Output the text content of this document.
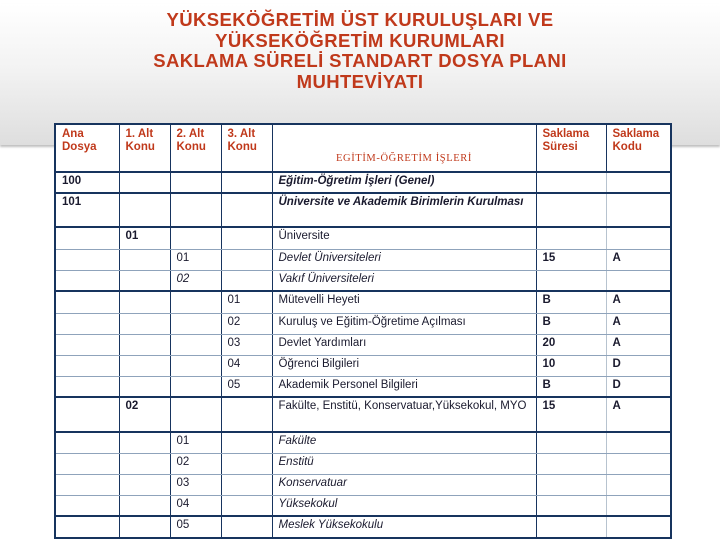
YÜKSEKÖĞRETİM ÜST KURULUŞLARI VE
YÜKSEKÖĞRETİM KURUMLARI
SAKLAMA SÜRELİ STANDART DOSYA PLANI
MUHTEVİYATI
Ana Dosya	1. Alt Konu	2. Alt Konu	3. Alt Konu	EGİTİM-ÖĞRETİM İŞLERİ	Saklama Süresi	Saklama Kodu
100				Eğitim-Öğretim İşleri (Genel)		
101				Üniversite ve Akademik Birimlerin Kurulması		
	01			Üniversite		
		01		Devlet Üniversiteleri	15	A
		02		Vakıf Üniversiteleri		
			01	Mütevelli Heyeti	B	A
			02	Kuruluş ve Eğitim-Öğretime Açılması	B	A
			03	Devlet Yardımları	20	A
			04	Öğrenci Bilgileri	10	D
			05	Akademik Personel Bilgileri	B	D
	02			Fakülte, Enstitü, Konservatuar,Yüksekokul, MYO	15	A
		01		Fakülte		
		02		Enstitü		
		03		Konservatuar		
		04		Yüksekokul		
		05		Meslek Yüksekokulu		
